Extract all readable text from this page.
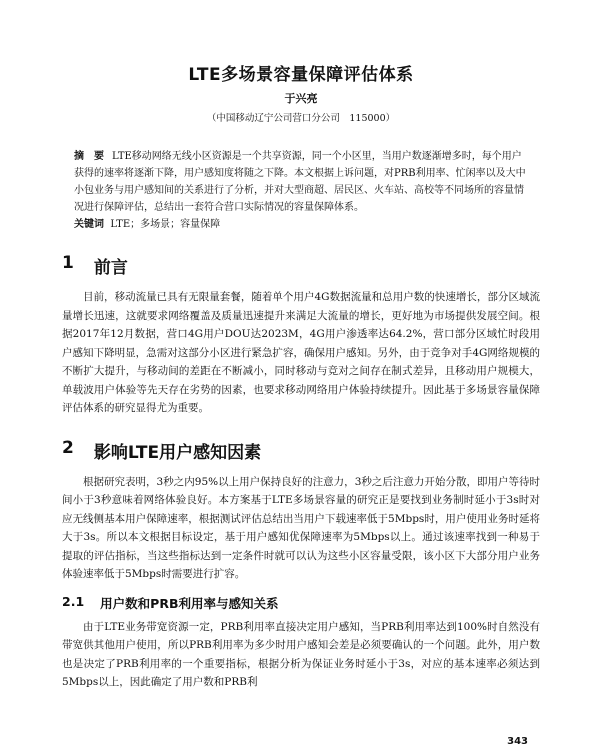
LTE多场景容量保障评估体系
于兴亮
（中国移动辽宁公司营口分公司　115000）
摘　要 LTE移动网络无线小区资源是一个共享资源，同一个小区里，当用户数逐渐增多时，每个用户获得的速率将逐渐下降，用户感知度将随之下降。本文根据上诉问题，对PRB利用率、忙闲率以及大中小包业务与用户感知间的关系进行了分析，并对大型商超、居民区、火车站、高校等不同场所的容量情况进行保障评估，总结出一套符合营口实际情况的容量保障体系。
关键词 LTE；多场景；容量保障
1 前言

目前，移动流量已具有无限量套餐，随着单个用户4G数据流量和总用户数的快速增长，部分区域流量增长迅速，这就要求网络覆盖及质量迅速提升来满足大流量的增长，更好地为市场提供发展空间。根据2017年12月数据，营口4G用户DOU达2023M，4G用户渗透率达64.2%，营口部分区域忙时段用户感知下降明显，急需对这部分小区进行紧急扩容，确保用户感知。另外，由于竞争对手4G网络规模的不断扩大提升，与移动间的差距在不断减小，同时移动与竞对之间存在制式差异，且移动用户规模大，单载波用户体验等先天存在劣势的因素，也要求移动网络用户体验持续提升。因此基于多场景容量保障评估体系的研究显得尤为重要。

2 影响LTE用户感知因素

根据研究表明，3秒之内95%以上用户保持良好的注意力，3秒之后注意力开始分散，即用户等待时间小于3秒意味着网络体验良好。本方案基于LTE多场景容量的研究正是要找到业务制时延小于3s时对应无线侧基本用户保障速率，根据测试评估总结出当用户下载速率低于5Mbps时，用户使用业务时延将大于3s。所以本文根据目标设定，基于用户感知优保障速率为5Mbps以上。通过该速率找到一种易于提取的评估指标，当这些指标达到一定条件时就可以认为这些小区容量受限，该小区下大部分用户业务体验速率低于5Mbps时需要进行扩容。

2.1 用户数和PRB利用率与感知关系

由于LTE业务带宽资源一定，PRB利用率直接决定用户感知，当PRB利用率达到100%时自然没有带宽供其他用户使用，所以PRB利用率为多少时用户感知会差是必须要确认的一个问题。此外，用户数也是决定了PRB利用率的一个重要指标，根据分析为保证业务时延小于3s，对应的基本速率必须达到5Mbps以上，因此确定了用户数和PRB利

343
